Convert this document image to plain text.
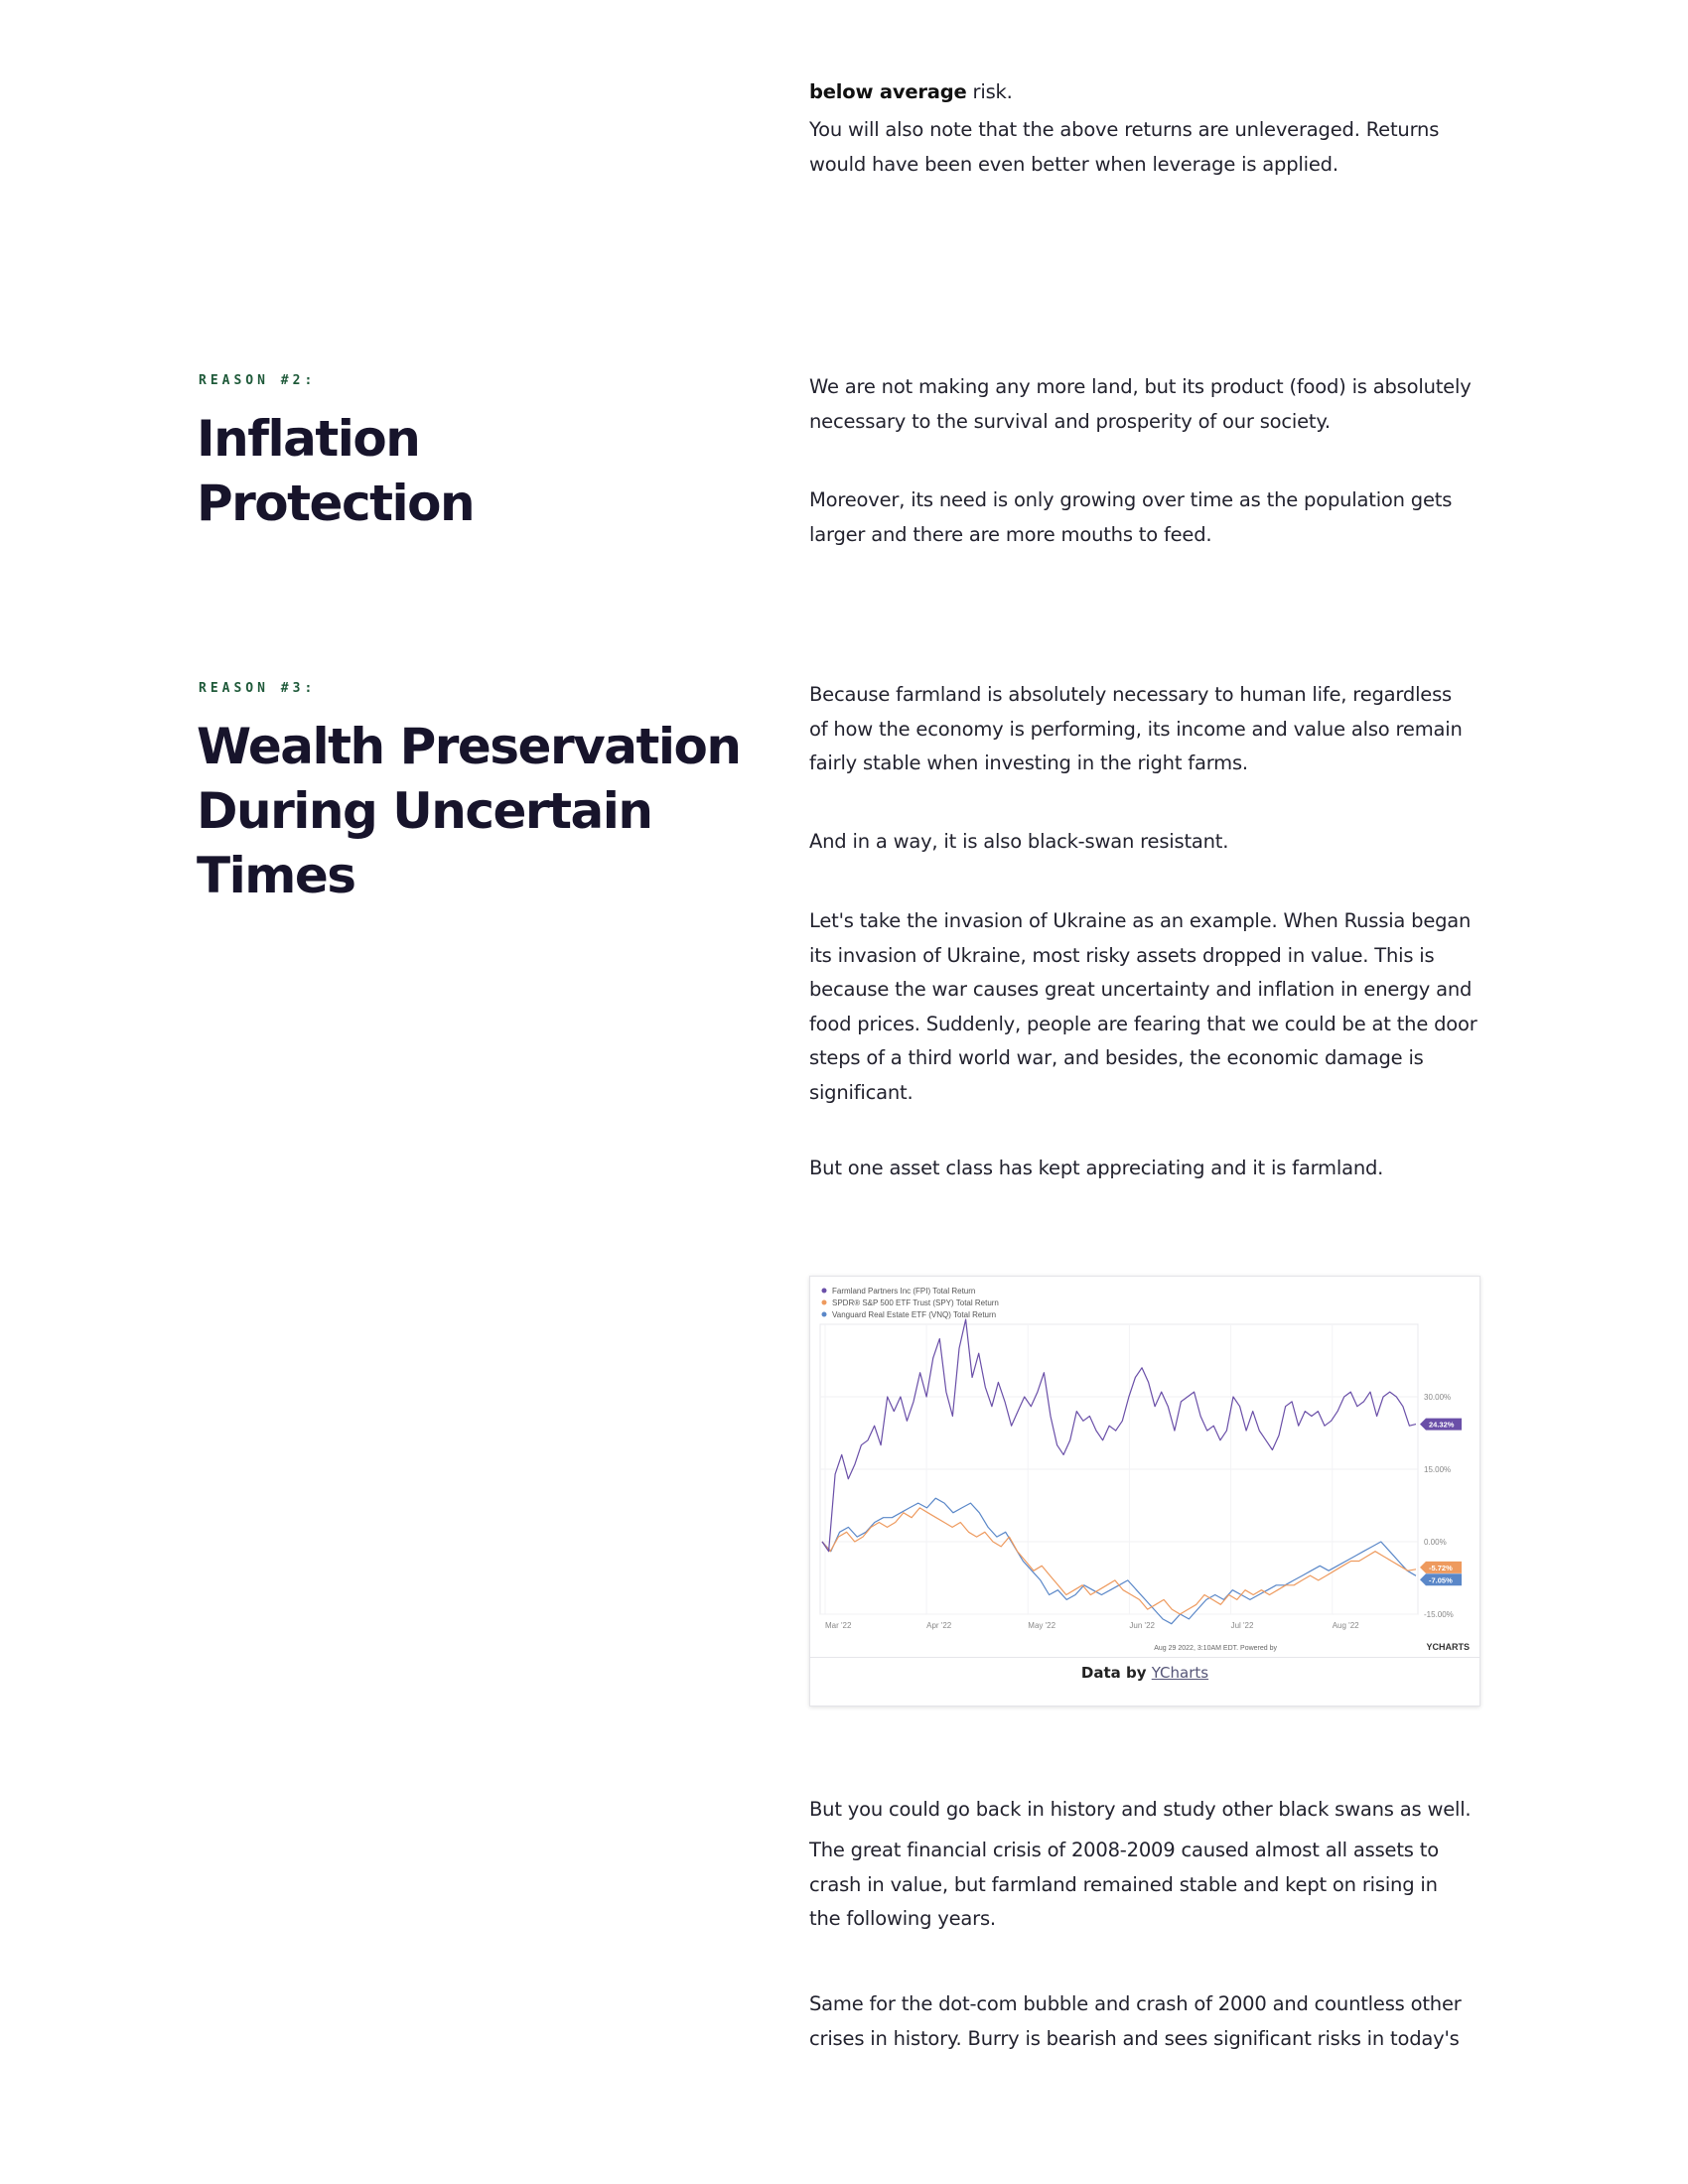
below average risk.

You will also note that the above returns are unleveraged. Returns would have been even better when leverage is applied.

REASON #2:

Inflation
Protection

We are not making any more land, but its product (food) is absolutely necessary to the survival and prosperity of our society.

Moreover, its need is only growing over time as the population gets larger and there are more mouths to feed.

REASON #3:

Wealth Preservation
During Uncertain
Times

Because farmland is absolutely necessary to human life, regardless of how the economy is performing, its income and value also remain fairly stable when investing in the right farms.

And in a way, it is also black-swan resistant.

Let's take the invasion of Ukraine as an example. When Russia began its invasion of Ukraine, most risky assets dropped in value. This is because the war causes great uncertainty and inflation in energy and food prices. Suddenly, people are fearing that we could be at the door steps of a third world war, and besides, the economic damage is significant.

But one asset class has kept appreciating and it is farmland.

Farmland Partners Inc (FPI) Total Return
SPDR® S&P 500 ETF Trust (SPY) Total Return
Vanguard Real Estate ETF (VNQ) Total Return
30.00%
15.00%
0.00%
-15.00%
Mar '22	Apr '22	May '22	Jun '22	Jul '22	Aug '22
24.32%
-5.72%
-7.05%
Aug 29 2022, 3:10AM EDT. Powered by	YCHARTS
Data by YCharts

But you could go back in history and study other black swans as well.

The great financial crisis of 2008-2009 caused almost all assets to crash in value, but farmland remained stable and kept on rising in the following years.

Same for the dot-com bubble and crash of 2000 and countless other crises in history. Burry is bearish and sees significant risks in today's
